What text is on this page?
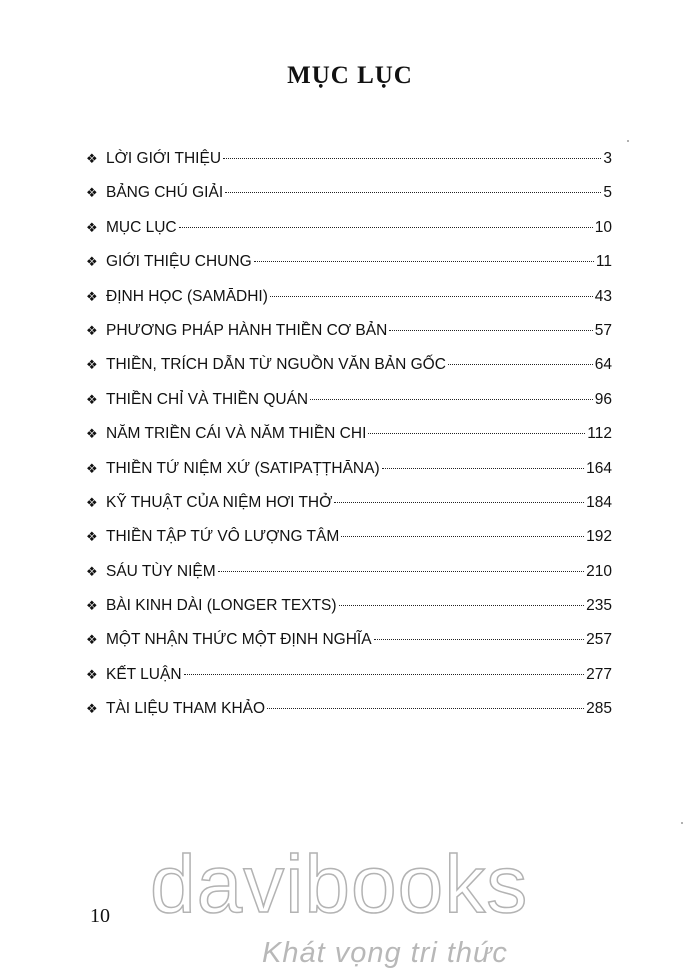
MỤC LỤC
❖ LỜI GIỚI THIỆU	3
❖ BẢNG CHÚ GIẢI	5
❖ MỤC LỤC	10
❖ GIỚI THIỆU CHUNG	11
❖ ĐỊNH HỌC (SAMĀDHI)	43
❖ PHƯƠNG PHÁP HÀNH THIỀN CƠ BẢN	57
❖ THIỀN, TRÍCH DẪN TỪ NGUỒN VĂN BẢN GỐC	64
❖ THIỀN CHỈ VÀ THIỀN QUÁN	96
❖ NĂM TRIỀN CÁI VÀ NĂM THIỀN CHI	112
❖ THIỀN TỨ NIỆM XỨ (SATIPAṬṬHĀNA)	164
❖ KỸ THUẬT CỦA NIỆM HƠI THỞ	184
❖ THIỀN TẬP TỨ VÔ LƯỢNG TÂM	192
❖ SÁU TÙY NIỆM	210
❖ BÀI KINH DÀI (LONGER TEXTS)	235
❖ MỘT NHẬN THỨC MỘT ĐỊNH NGHĨA	257
❖ KẾT LUẬN	277
❖ TÀI LIỆU THAM KHẢO	285
10 davibooks
Khát vọng tri thức
